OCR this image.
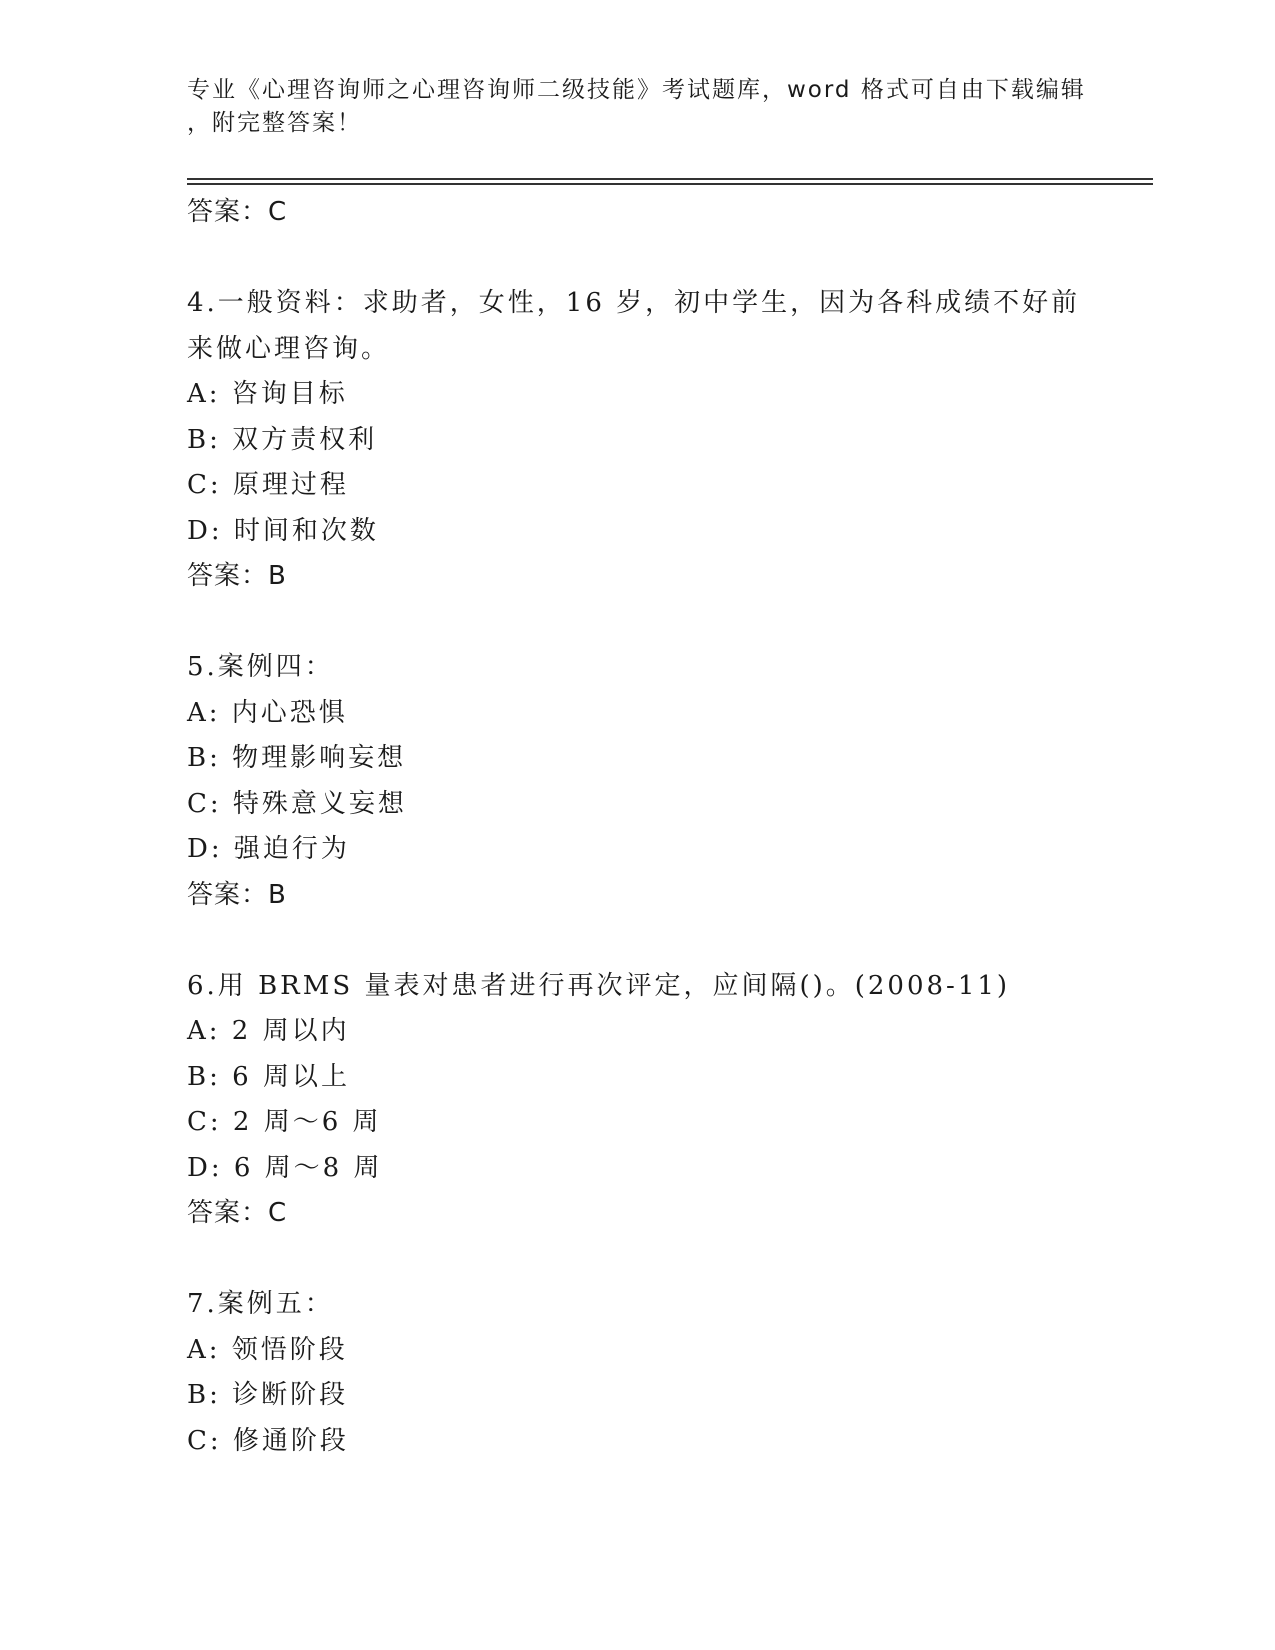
专业《心理咨询师之心理咨询师二级技能》考试题库，word 格式可自由下载编辑
，附完整答案！
答案：C
4.一般资料：求助者，女性，16 岁，初中学生，因为各科成绩不好前
来做心理咨询。
A: 咨询目标
B: 双方责权利
C: 原理过程
D: 时间和次数
答案：B
5.案例四：
A: 内心恐惧
B: 物理影响妄想
C: 特殊意义妄想
D: 强迫行为
答案：B
6.用 BRMS 量表对患者进行再次评定，应间隔()。(2008-11)
A: 2 周以内
B: 6 周以上
C: 2 周～6 周
D: 6 周～8 周
答案：C
7.案例五：
A: 领悟阶段
B: 诊断阶段
C: 修通阶段
